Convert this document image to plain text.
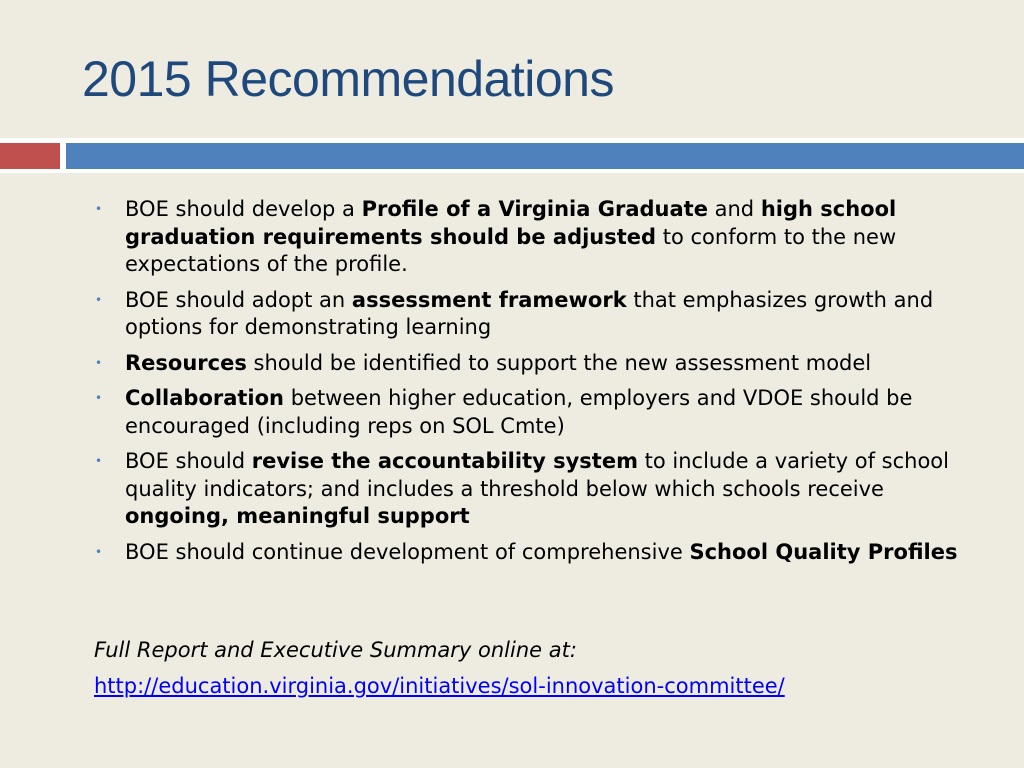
2015 Recommendations
• BOE should develop a Profile of a Virginia Graduate and high school graduation requirements should be adjusted to conform to the new expectations of the profile.
• BOE should adopt an assessment framework that emphasizes growth and options for demonstrating learning
• Resources should be identified to support the new assessment model
• Collaboration between higher education, employers and VDOE should be encouraged (including reps on SOL Cmte)
• BOE should revise the accountability system to include a variety of school quality indicators; and includes a threshold below which schools receive ongoing, meaningful support
• BOE should continue development of comprehensive School Quality Profiles
Full Report and Executive Summary online at:
http://education.virginia.gov/initiatives/sol-innovation-committee/
